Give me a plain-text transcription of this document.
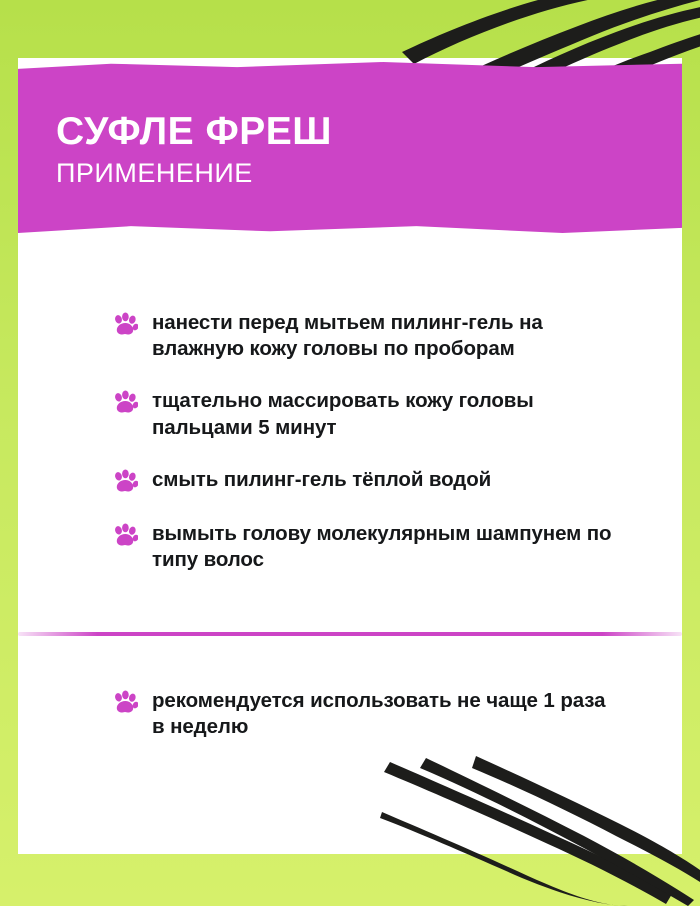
СУФЛЕ ФРЕШ
ПРИМЕНЕНИЕ
нанести перед мытьем пилинг-гель на влажную кожу головы по проборам
тщательно массировать кожу головы пальцами 5 минут
смыть пилинг-гель тёплой водой
вымыть голову молекулярным шампунем по типу волос
рекомендуется использовать не чаще 1 раза в неделю
